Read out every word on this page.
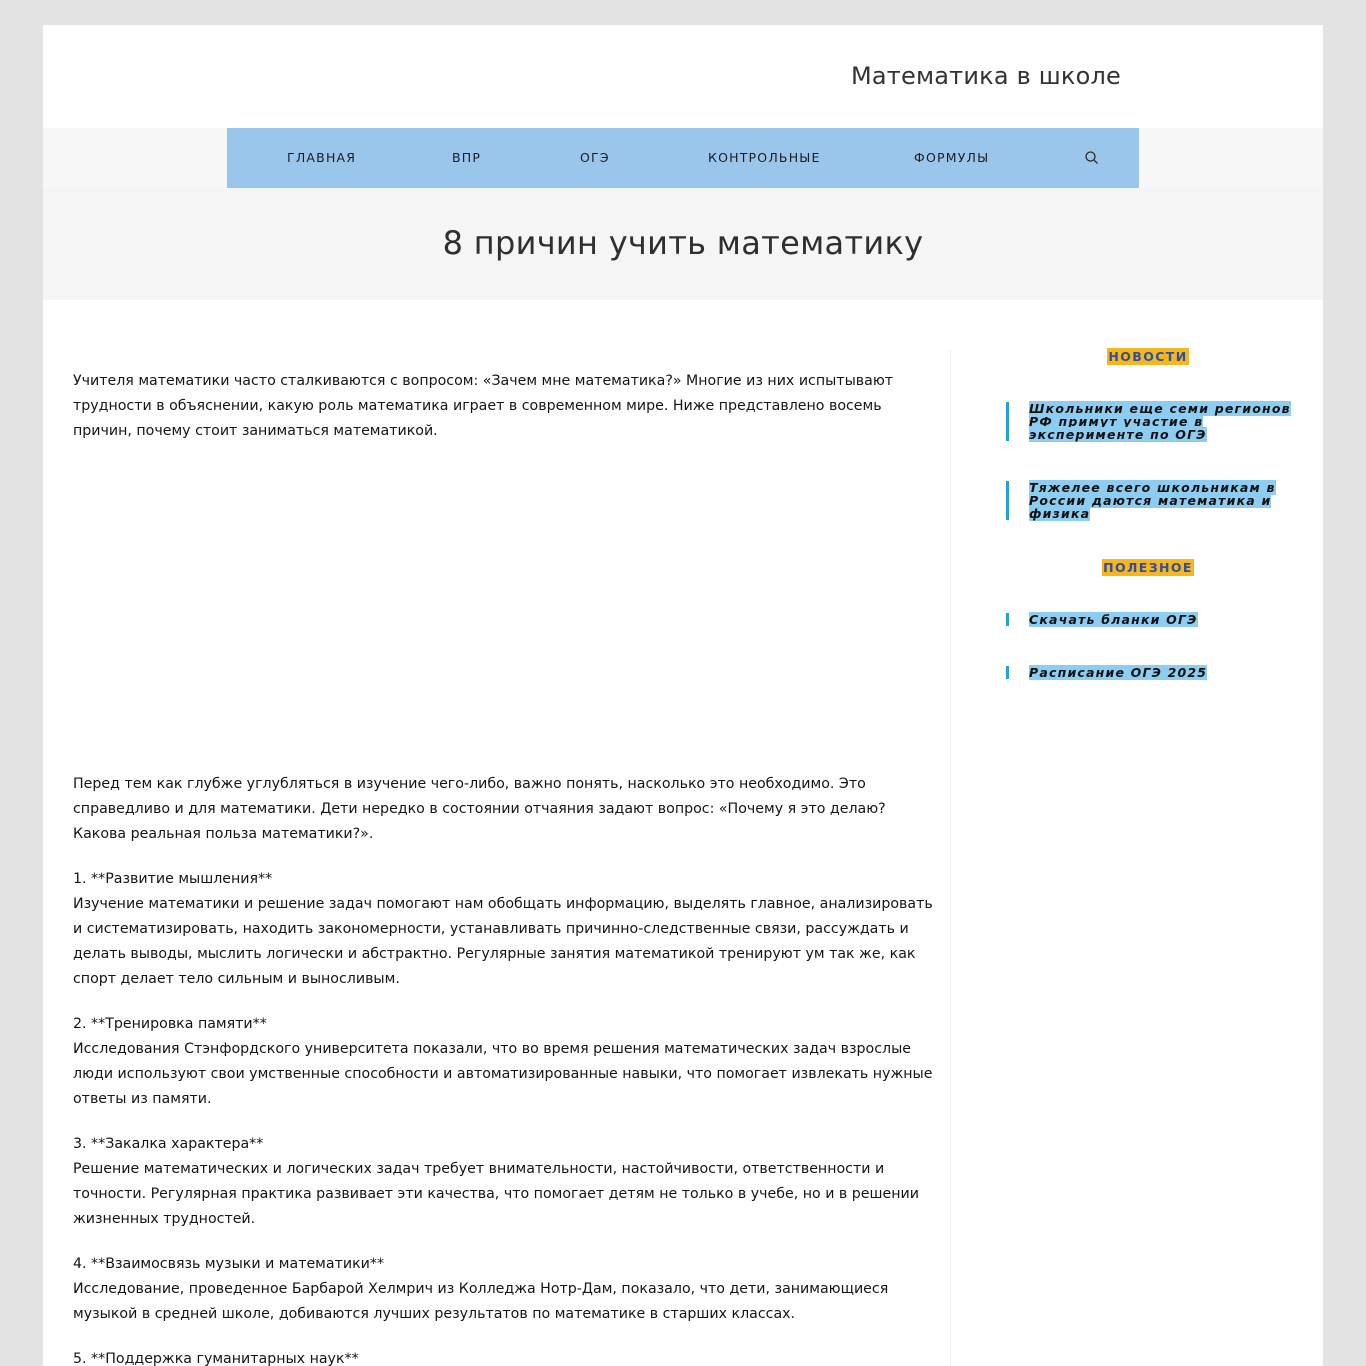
Математика в школе
ГЛАВНАЯ	ВПР	ОГЭ	КОНТРОЛЬНЫЕ	ФОРМУЛЫ
8 причин учить математику

Учителя математики часто сталкиваются с вопросом: «Зачем мне математика?» Многие из них испытывают трудности в объяснении, какую роль математика играет в современном мире. Ниже представлено восемь причин, почему стоит заниматься математикой.

Перед тем как глубже углубляться в изучение чего-либо, важно понять, насколько это необходимо. Это справедливо и для математики. Дети нередко в состоянии отчаяния задают вопрос: «Почему я это делаю? Какова реальная польза математики?».

1. **Развитие мышления**
Изучение математики и решение задач помогают нам обобщать информацию, выделять главное, анализировать и систематизировать, находить закономерности, устанавливать причинно-следственные связи, рассуждать и делать выводы, мыслить логически и абстрактно. Регулярные занятия математикой тренируют ум так же, как спорт делает тело сильным и выносливым.

2. **Тренировка памяти**
Исследования Стэнфордского университета показали, что во время решения математических задач взрослые люди используют свои умственные способности и автоматизированные навыки, что помогает извлекать нужные ответы из памяти.

3. **Закалка характера**
Решение математических и логических задач требует внимательности, настойчивости, ответственности и точности. Регулярная практика развивает эти качества, что помогает детям не только в учебе, но и в решении жизненных трудностей.

4. **Взаимосвязь музыки и математики**
Исследование, проведенное Барбарой Хелмрич из Колледжа Нотр-Дам, показало, что дети, занимающиеся музыкой в средней школе, добиваются лучших результатов по математике в старших классах.

5. **Поддержка гуманитарных наук**

НОВОСТИ
Школьники еще семи регионов РФ примут участие в эксперименте по ОГЭ
Тяжелее всего школьникам в России даются математика и физика
ПОЛЕЗНОЕ
Скачать бланки ОГЭ
Расписание ОГЭ 2025
